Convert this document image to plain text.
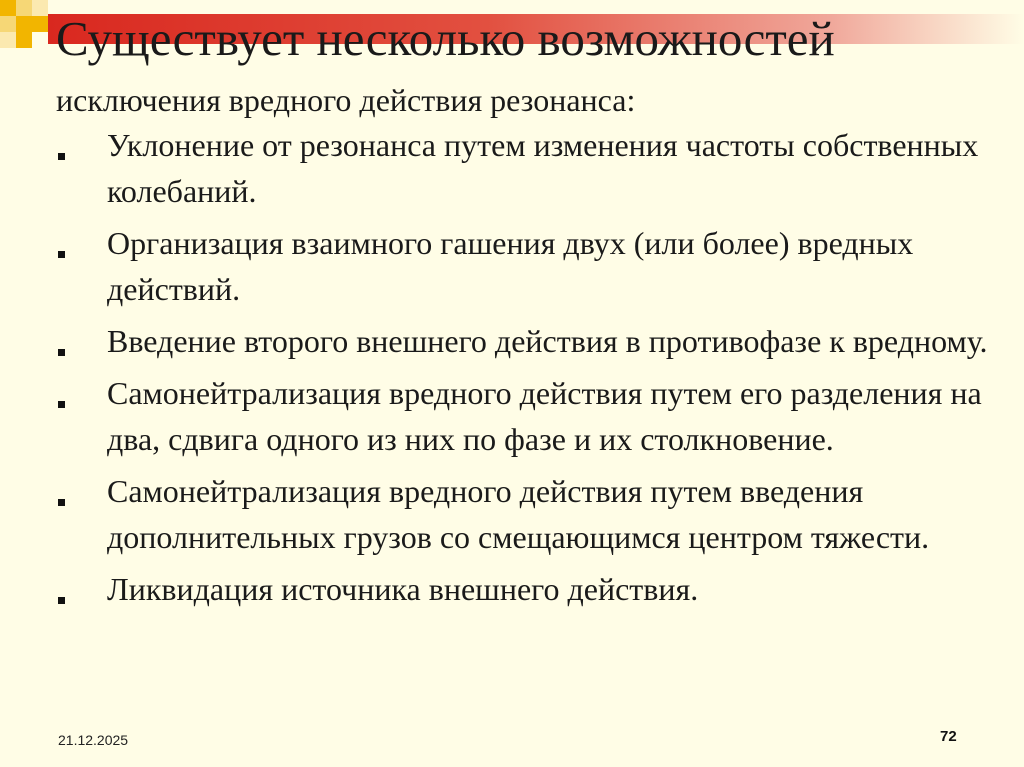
Существует несколько возможностей

исключения вредного действия резонанса:

Уклонение от резонанса путем изменения частоты собственных колебаний.
Организация взаимного гашения двух (или более) вредных действий.
Введение второго внешнего действия в противофазе к вредному.
Самонейтрализация вредного действия путем его разделения на два, сдвига одного из них по фазе и их столкновение.
Самонейтрализация вредного действия путем введения дополнительных грузов со смещающимся центром тяжести.
Ликвидация источника внешнего действия.
21.12.2025	72
